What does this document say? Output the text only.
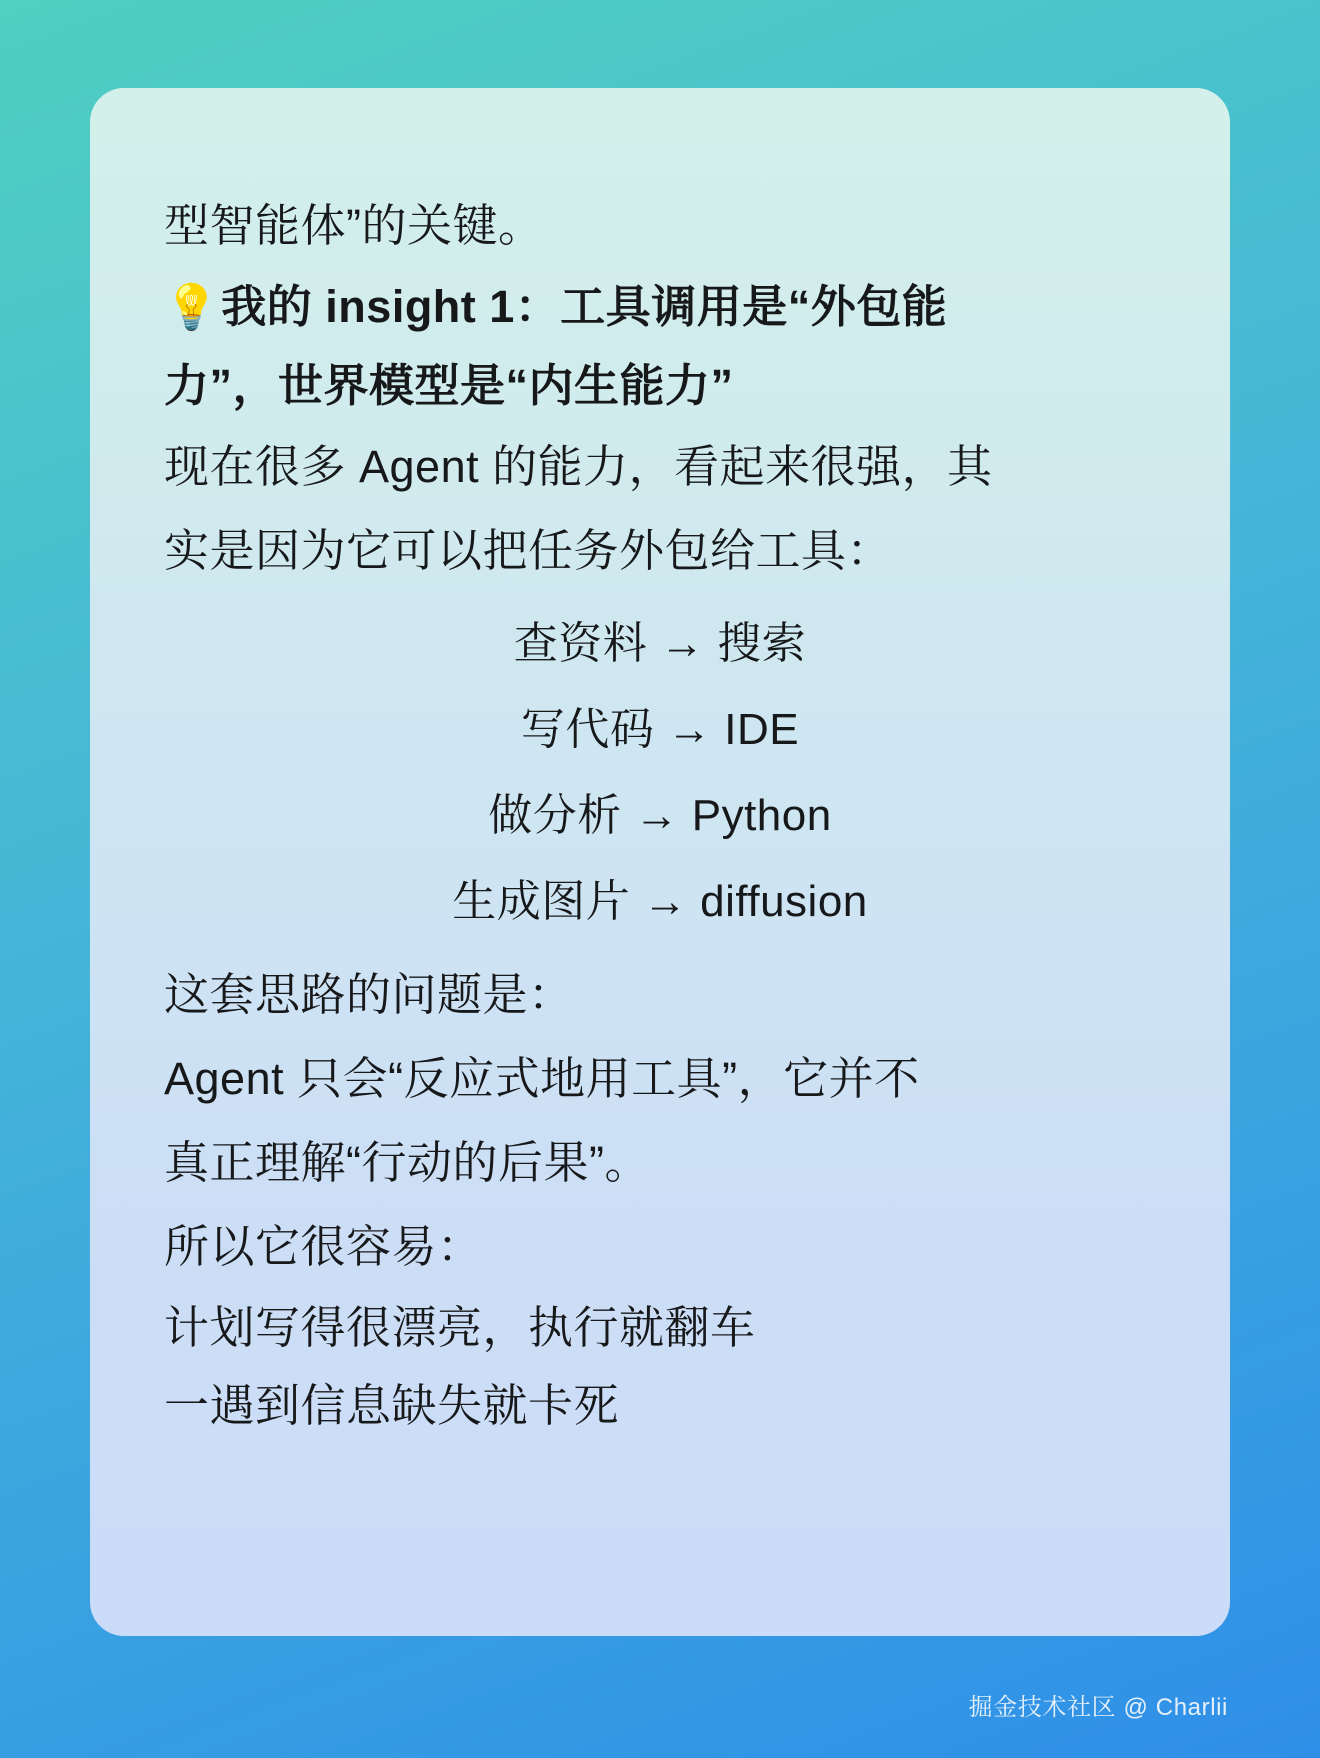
型智能体”的关键。
💡我的 insight 1：工具调用是“外包能
力”，世界模型是“内生能力”
现在很多 Agent 的能力，看起来很强，其
实是因为它可以把任务外包给工具：
查资料 → 搜索
写代码 → IDE
做分析 → Python
生成图片 → diffusion
这套思路的问题是：
Agent 只会“反应式地用工具”，它并不
真正理解“行动的后果”。
所以它很容易：
计划写得很漂亮，执行就翻车
一遇到信息缺失就卡死
掘金技术社区 @ Charlii
